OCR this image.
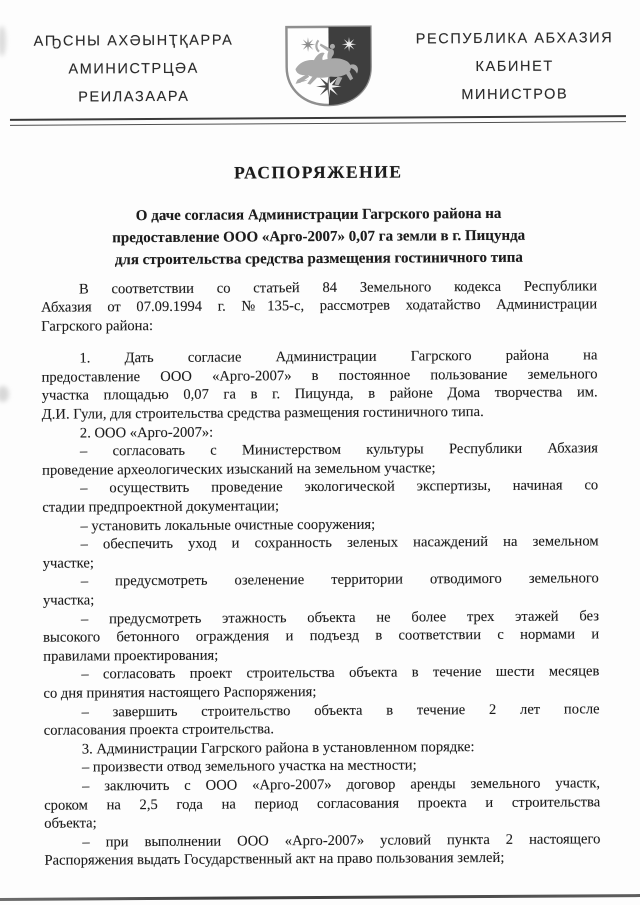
АҦСНЫ АХӘЫНҬҚАРРА
АМИНИСТРЦӘА
РЕИЛАЗААРА
РЕСПУБЛИКА АБХАЗИЯ
КАБИНЕТ
МИНИСТРОВ
РАСПОРЯЖЕНИЕ
О даче согласия Администрации Гагрского района на
предоставление ООО «Арго-2007» 0,07 га земли в г. Пицунда
для строительства средства размещения гостиничного типа
В соответствии со статьей 84 Земельного кодекса Республики
Абхазия от 07.09.1994 г. №135-с, рассмотрев ходатайство Администрации
Гагрского района:
1. Дать согласие Администрации Гагрского района на
предоставление ООО «Арго-2007» в постоянное пользование земельного
участка площадью 0,07 га в г. Пицунда, в районе Дома творчества им.
Д.И. Гули, для строительства средства размещения гостиничного типа.
2. ООО «Арго-2007»:
– согласовать с Министерством культуры Республики Абхазия
проведение археологических изысканий на земельном участке;
– осуществить проведение экологической экспертизы, начиная со
стадии предпроектной документации;
– установить локальные очистные сооружения;
– обеспечить уход и сохранность зеленых насаждений на земельном
участке;
– предусмотреть озеленение территории отводимого земельного
участка;
– предусмотреть этажность объекта не более трех этажей без
высокого бетонного ограждения и подъезд в соответствии с нормами и
правилами проектирования;
– согласовать проект строительства объекта в течение шести месяцев
со дня принятия настоящего Распоряжения;
– завершить строительство объекта в течение 2 лет после
согласования проекта строительства.
3. Администрации Гагрского района в установленном порядке:
– произвести отвод земельного участка на местности;
– заключить с ООО «Арго-2007» договор аренды земельного участк,
сроком на 2,5 года на период согласования проекта и строительства
объекта;
– при выполнении ООО «Арго-2007» условий пункта 2 настоящего
Распоряжения выдать Государственный акт на право пользования землей;
